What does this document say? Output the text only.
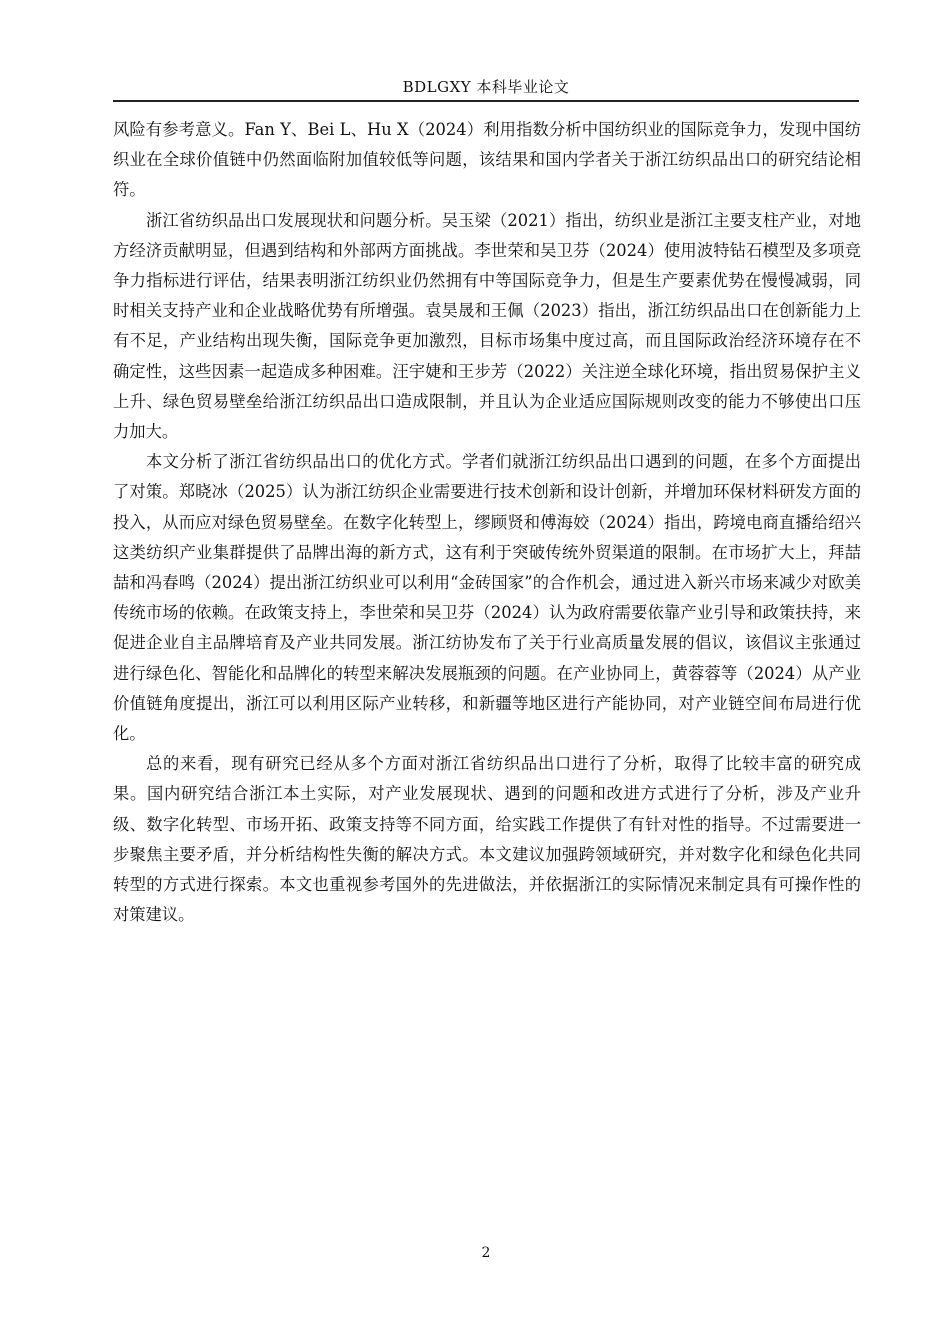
BDLGXY 本科毕业论文

风险有参考意义。Fan Y、Bei L、Hu X（2024）利用指数分析中国纺织业的国际竞争力，发现中国纺织业在全球价值链中仍然面临附加值较低等问题，该结果和国内学者关于浙江纺织品出口的研究结论相符。

浙江省纺织品出口发展现状和问题分析。吴玉梁（2021）指出，纺织业是浙江主要支柱产业，对地方经济贡献明显，但遇到结构和外部两方面挑战。李世荣和吴卫芬（2024）使用波特钻石模型及多项竞争力指标进行评估，结果表明浙江纺织业仍然拥有中等国际竞争力，但是生产要素优势在慢慢减弱，同时相关支持产业和企业战略优势有所增强。袁昊晟和王佩（2023）指出，浙江纺织品出口在创新能力上有不足，产业结构出现失衡，国际竞争更加激烈，目标市场集中度过高，而且国际政治经济环境存在不确定性，这些因素一起造成多种困难。汪宇婕和王步芳（2022）关注逆全球化环境，指出贸易保护主义上升、绿色贸易壁垒给浙江纺织品出口造成限制，并且认为企业适应国际规则改变的能力不够使出口压力加大。

本文分析了浙江省纺织品出口的优化方式。学者们就浙江纺织品出口遇到的问题，在多个方面提出了对策。郑晓冰（2025）认为浙江纺织企业需要进行技术创新和设计创新，并增加环保材料研发方面的投入，从而应对绿色贸易壁垒。在数字化转型上，缪顾贤和傅海姣（2024）指出，跨境电商直播给绍兴这类纺织产业集群提供了品牌出海的新方式，这有利于突破传统外贸渠道的限制。在市场扩大上，拜喆喆和冯春鸣（2024）提出浙江纺织业可以利用“金砖国家”的合作机会，通过进入新兴市场来减少对欧美传统市场的依赖。在政策支持上，李世荣和吴卫芬（2024）认为政府需要依靠产业引导和政策扶持，来促进企业自主品牌培育及产业共同发展。浙江纺协发布了关于行业高质量发展的倡议，该倡议主张通过进行绿色化、智能化和品牌化的转型来解决发展瓶颈的问题。在产业协同上，黄蓉蓉等（2024）从产业价值链角度提出，浙江可以利用区际产业转移，和新疆等地区进行产能协同，对产业链空间布局进行优化。

总的来看，现有研究已经从多个方面对浙江省纺织品出口进行了分析，取得了比较丰富的研究成果。国内研究结合浙江本土实际，对产业发展现状、遇到的问题和改进方式进行了分析，涉及产业升级、数字化转型、市场开拓、政策支持等不同方面，给实践工作提供了有针对性的指导。不过需要进一步聚焦主要矛盾，并分析结构性失衡的解决方式。本文建议加强跨领域研究，并对数字化和绿色化共同转型的方式进行探索。本文也重视参考国外的先进做法，并依据浙江的实际情况来制定具有可操作性的对策建议。

2
